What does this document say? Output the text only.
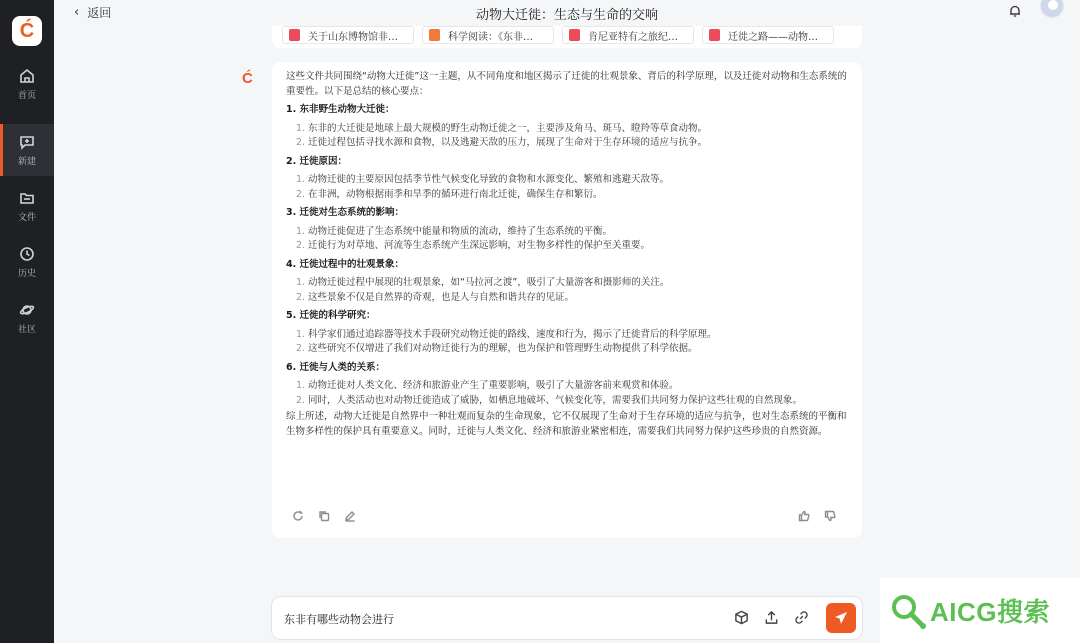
Ć
首页
新建
文件
历史
社区
‹ 返回	动物大迁徙：生态与生命的交响
关于山东博物馆非…	科学阅读：《东非…	肯尼亚特有之旅纪…	迁徙之路——动物…
Ć	这些文件共同围绕“动物大迁徙”这一主题，从不同角度和地区揭示了迁徙的壮观景象、背后的科学原理，以及迁徙对动物和生态系统的重要性。以下是总结的核心要点：
1. 东非野生动物大迁徙：
1. 东非的大迁徙是地球上最大规模的野生动物迁徙之一，主要涉及角马、斑马、瞪羚等草食动物。
2. 迁徙过程包括寻找水源和食物，以及逃避天敌的压力，展现了生命对于生存环境的适应与抗争。
2. 迁徙原因：
1. 动物迁徙的主要原因包括季节性气候变化导致的食物和水源变化、繁殖和逃避天敌等。
2. 在非洲，动物根据雨季和旱季的循环进行南北迁徙，确保生存和繁衍。
3. 迁徙对生态系统的影响：
1. 动物迁徙促进了生态系统中能量和物质的流动，维持了生态系统的平衡。
2. 迁徙行为对草地、河流等生态系统产生深远影响，对生物多样性的保护至关重要。
4. 迁徙过程中的壮观景象：
1. 动物迁徙过程中展现的壮观景象，如“马拉河之渡”，吸引了大量游客和摄影师的关注。
2. 这些景象不仅是自然界的奇观，也是人与自然和谐共存的见证。
5. 迁徙的科学研究：
1. 科学家们通过追踪器等技术手段研究动物迁徙的路线、速度和行为，揭示了迁徙背后的科学原理。
2. 这些研究不仅增进了我们对动物迁徙行为的理解，也为保护和管理野生动物提供了科学依据。
6. 迁徙与人类的关系：
1. 动物迁徙对人类文化、经济和旅游业产生了重要影响，吸引了大量游客前来观赏和体验。
2. 同时，人类活动也对动物迁徙造成了威胁，如栖息地破坏、气候变化等，需要我们共同努力保护这些壮观的自然现象。
综上所述，动物大迁徙是自然界中一种壮观而复杂的生命现象，它不仅展现了生命对于生存环境的适应与抗争，也对生态系统的平衡和生物多样性的保护具有重要意义。同时，迁徙与人类文化、经济和旅游业紧密相连，需要我们共同努力保护这些珍贵的自然资源。
东非有哪些动物会进行	AICG搜索
